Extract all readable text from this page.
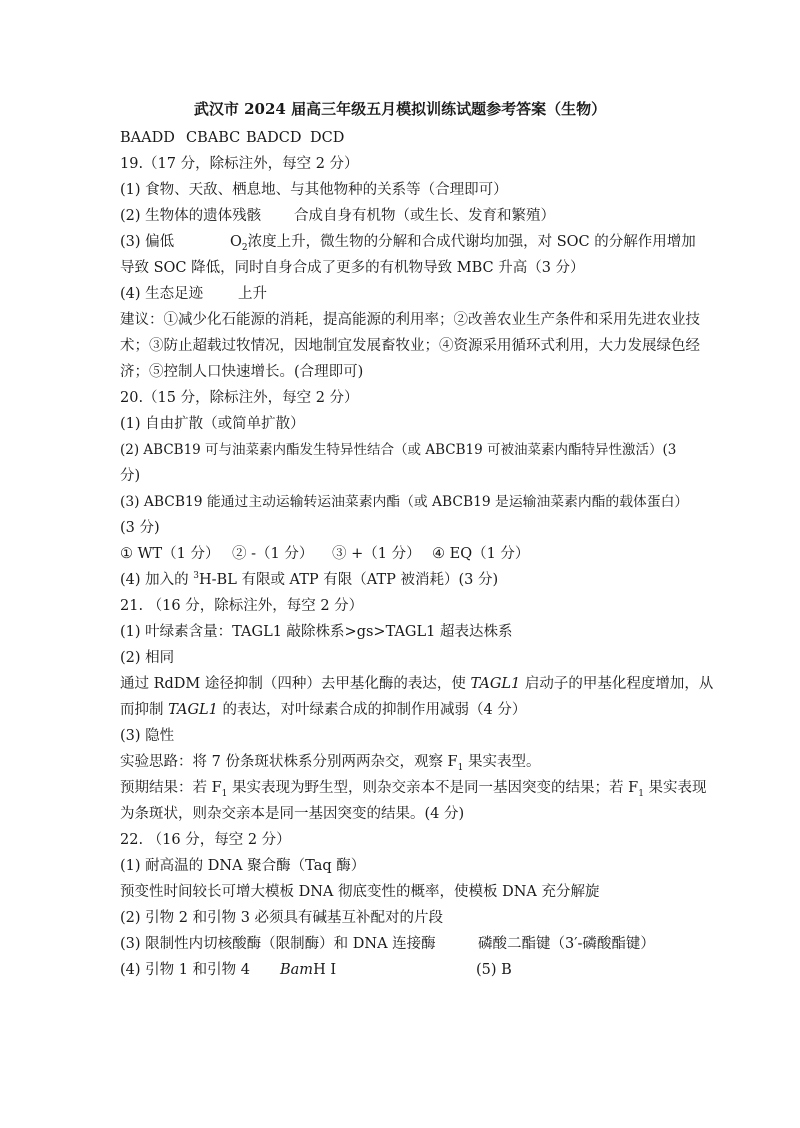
武汉市 2024 届高三年级五月模拟训练试题参考答案（生物）
BAADD CBABC BADCD DCD
19.（17 分，除标注外，每空 2 分）
(1) 食物、天敌、栖息地、与其他物种的关系等（合理即可）
(2) 生物体的遗体残骸 合成自身有机物（或生长、发育和繁殖）
(3) 偏低	$O_2$浓度上升，微生物的分解和合成代谢均加强，对 SOC 的分解作用增加
导致 SOC 降低，同时自身合成了更多的有机物导致 MBC 升高（3 分）
(4) 生态足迹 上升
建议：①减少化石能源的消耗，提高能源的利用率；②改善农业生产条件和采用先进农业技
术；③防止超载过牧情况，因地制宜发展畜牧业；④资源采用循环式利用，大力发展绿色经
济；⑤控制人口快速增长。(合理即可)
20.（15 分，除标注外，每空 2 分）
(1) 自由扩散（或简单扩散）
(2) ABCB19 可与油菜素内酯发生特异性结合（或 ABCB19 可被油菜素内酯特异性激活）(3
分)
(3) ABCB19 能通过主动运输转运油菜素内酯（或 ABCB19 是运输油菜素内酯的载体蛋白）
(3 分)
① WT（1 分） ② -（1 分） ③ +（1 分） ④ EQ（1 分）
(4) 加入的 $^3$H-BL 有限或 ATP 有限（ATP 被消耗）(3 分)
21. （16 分，除标注外，每空 2 分）
(1) 叶绿素含量：TAGL1 敲除株系>gs>TAGL1 超表达株系
(2) 相同
通过 RdDM 途径抑制（四种）去甲基化酶的表达，使 TAGL1 启动子的甲基化程度增加，从
而抑制 TAGL1 的表达，对叶绿素合成的抑制作用减弱（4 分）
(3) 隐性
实验思路：将 7 份条斑状株系分别两两杂交，观察 $F_1$ 果实表型。
预期结果：若 $F_1$ 果实表现为野生型，则杂交亲本不是同一基因突变的结果；若 $F_1$ 果实表现
为条斑状，则杂交亲本是同一基因突变的结果。(4 分)
22. （16 分，每空 2 分）
(1) 耐高温的 DNA 聚合酶（Taq 酶）
预变性时间较长可增大模板 DNA 彻底变性的概率，使模板 DNA 充分解旋
(2) 引物 2 和引物 3 必须具有碱基互补配对的片段
(3) 限制性内切核酸酶（限制酶）和 DNA 连接酶	磷酸二酯键（3′-磷酸酯键）
(4) 引物 1 和引物 4 BamH I	(5) B
